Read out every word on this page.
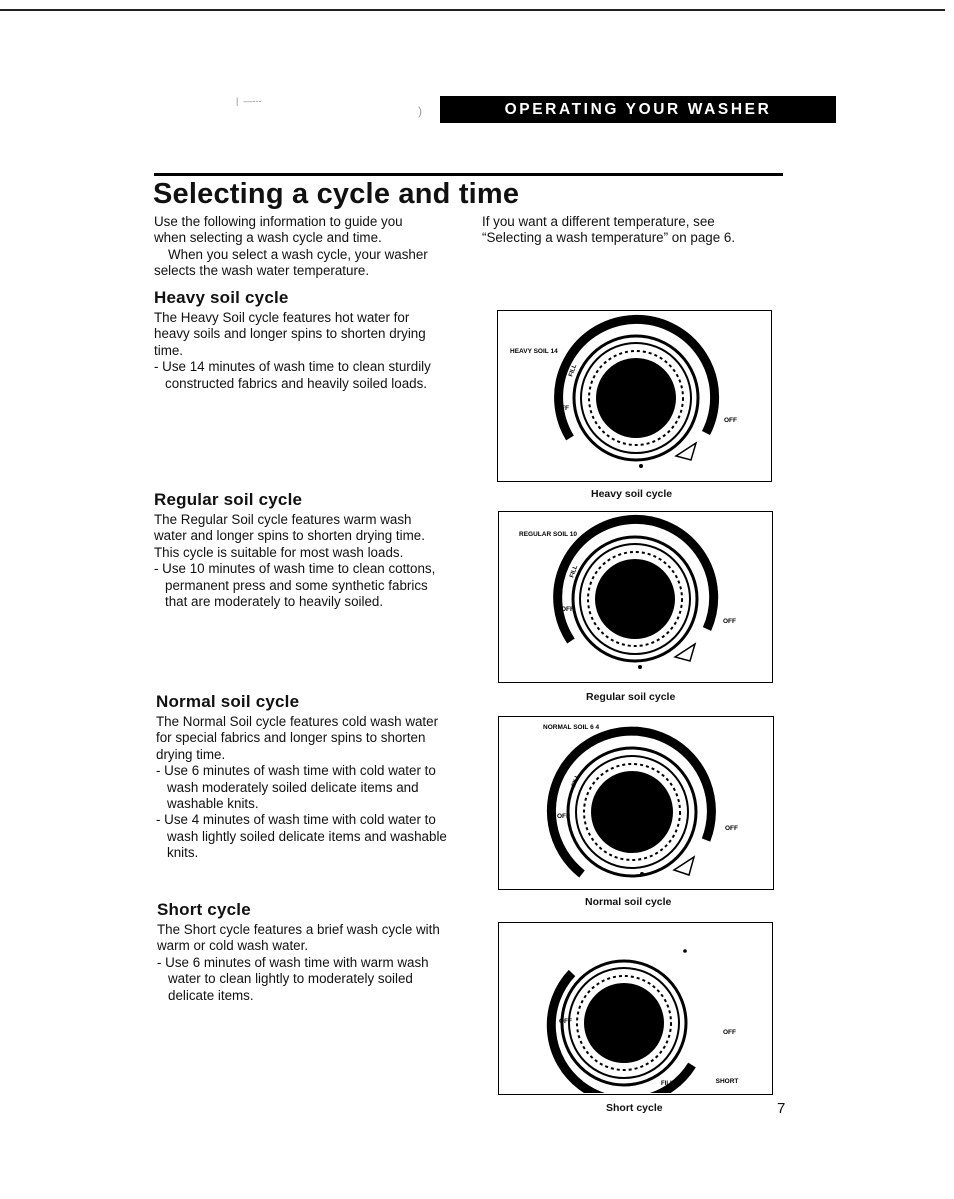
|  —---
)	OPERATING YOUR WASHER
Selecting a cycle and time

Use the following information to guide you

when selecting a wash cycle and time.

When you select a wash cycle, your washer

selects the wash water temperature.

If you want a different temperature, see

“Selecting a wash temperature” on page 6.

Heavy soil cycle

The Heavy Soil cycle features hot water for

heavy soils and longer spins to shorten drying

time.

- Use 14 minutes of wash time to clean sturdily

constructed fabrics and heavily soiled loads.

Regular soil cycle

The Regular Soil cycle features warm wash

water and longer spins to shorten drying time.

This cycle is suitable for most wash loads.

- Use 10 minutes of wash time to clean cottons,

permanent press and some synthetic fabrics

that are moderately to heavily soiled.

Normal soil cycle

The Normal Soil cycle features cold wash water

for special fabrics and longer spins to shorten

drying time.

- Use 6 minutes of wash time with cold water to

wash moderately soiled delicate items and

washable knits.

- Use 4 minutes of wash time with cold water to

wash lightly soiled delicate items and washable

knits.

Short cycle

The Short cycle features a brief wash cycle with

warm or cold wash water.

- Use 6 minutes of wash time with warm wash

water to clean lightly to moderately soiled

delicate items.

HEAVY SOIL 14
OFF
OFF
FILL
Heavy soil cycle
REGULAR SOIL 10
OFF
OFF
FILL
Regular soil cycle
NORMAL SOIL 6 4
OFF
OFF
FILL
Normal soil cycle
SHORT
OFF
OFF
FILL
Short cycle	7
